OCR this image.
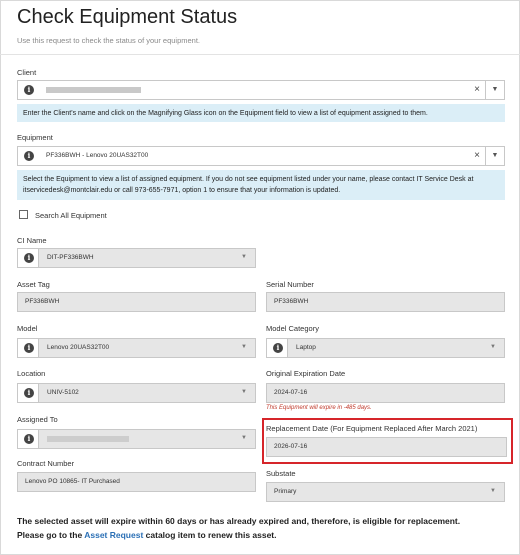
Check Equipment Status
Use this request to check the status of your equipment.
Client
i	×	▼
Enter the Client's name and click on the Magnifying Glass icon on the Equipment field to view a list of equipment assigned to them.
Equipment
i	PF336BWH - Lenovo 20UAS32T00	×	▼
Select the Equipment to view a list of assigned equipment. If you do not see equipment listed under your name, please contact IT Service Desk at itservicedesk@montclair.edu or call 973-655-7971, option 1 to ensure that your information is updated.
Search All Equipment
CI Name
i	DIT-PF336BWH	▼
Asset Tag
PF336BWH
Serial Number
PF336BWH
Model
i	Lenovo 20UAS32T00	▼
Model Category
i	Laptop	▼
Location
i	UNIV-5102	▼
Original Expiration Date
2024-07-16
This Equipment will expire in -485 days.
Assigned To
i	▼
Replacement Date (For Equipment Replaced After March 2021)
2026-07-16
Contract Number
Lenovo PO 10865- IT Purchased
Substate
Primary	▼
The selected asset will expire within 60 days or has already expired and, therefore, is eligible for replacement.
Please go to the Asset Request catalog item to renew this asset.
